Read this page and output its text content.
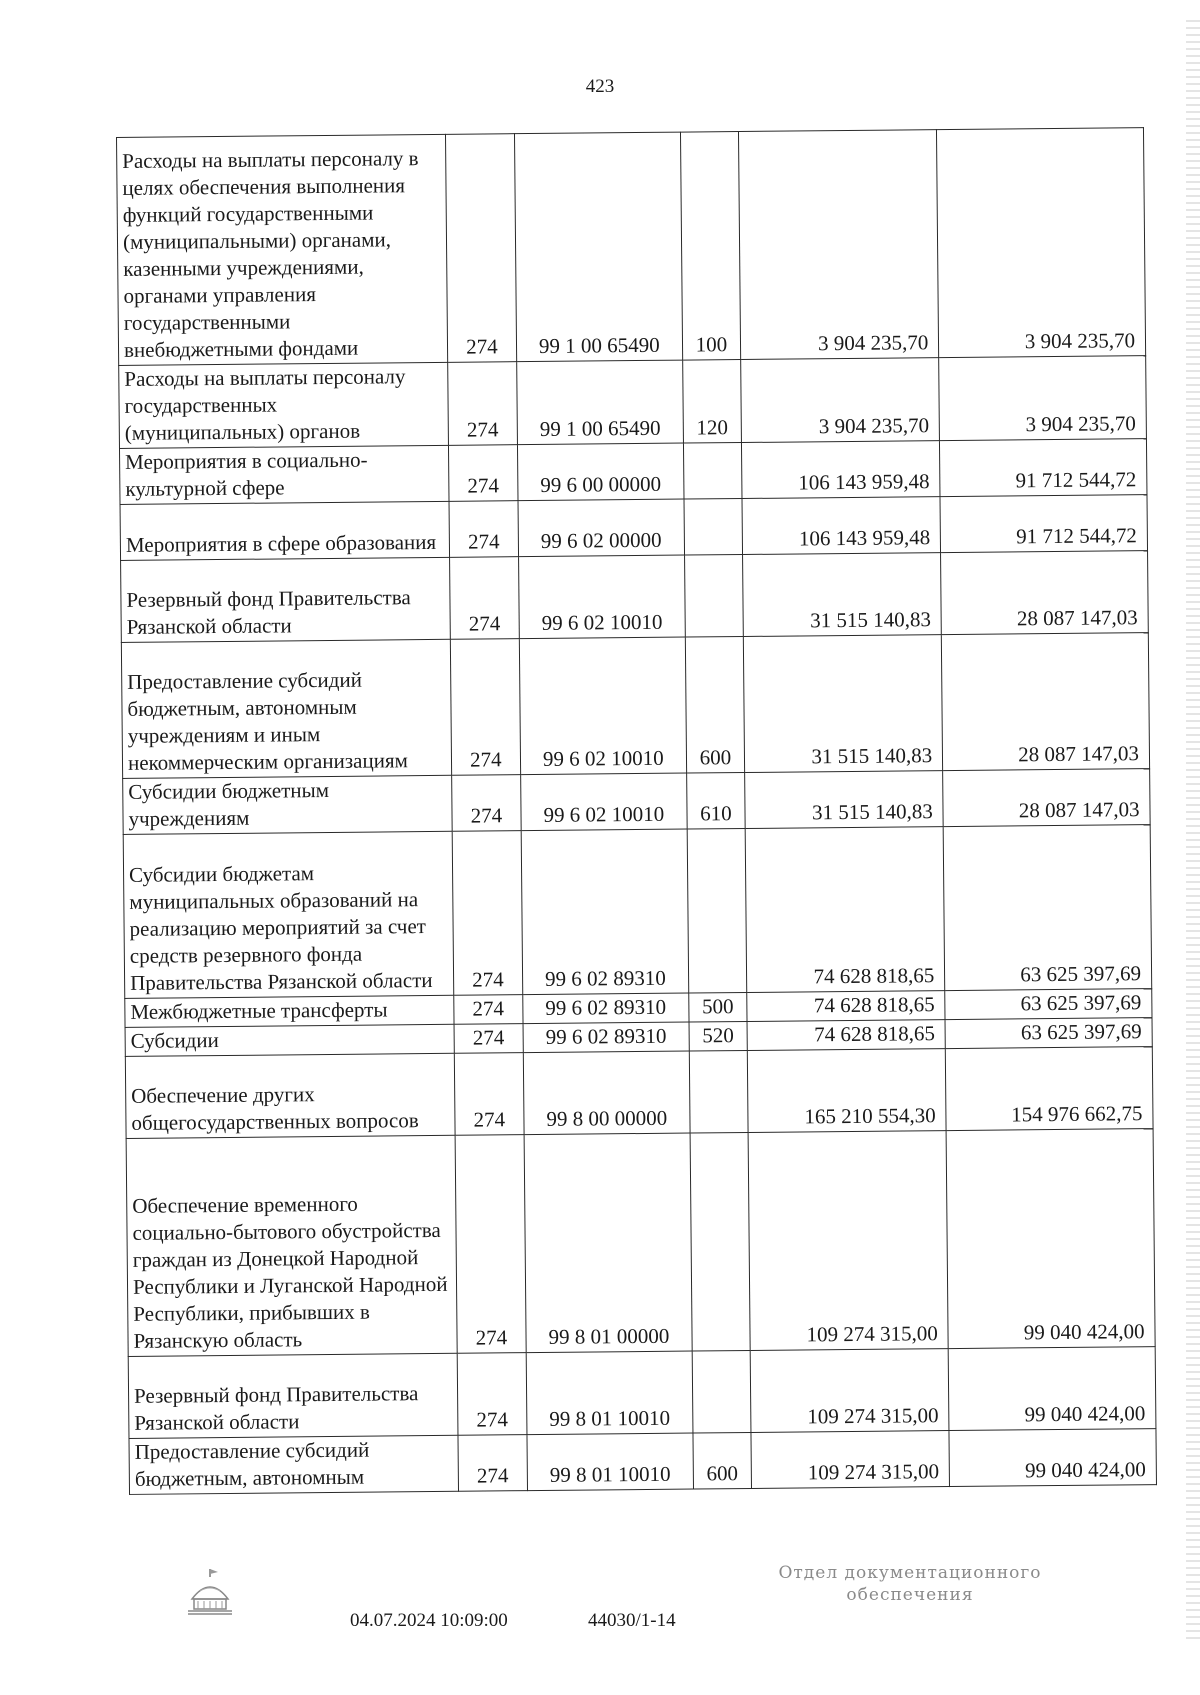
423
Расходы на выплаты персоналу в целях обеспечения выполнения функций государственными (муниципальными) органами, казенными учреждениями, органами управления государственными внебюджетными фондами	274	99 1 00 65490	100	3 904 235,70	3 904 235,70
Расходы на выплаты персоналу государственных (муниципальных) органов	274	99 1 00 65490	120	3 904 235,70	3 904 235,70
Мероприятия в социально-культурной сфере	274	99 6 00 00000		106 143 959,48	91 712 544,72
Мероприятия в сфере образования	274	99 6 02 00000		106 143 959,48	91 712 544,72
Резервный фонд Правительства Рязанской области	274	99 6 02 10010		31 515 140,83	28 087 147,03
Предоставление субсидий бюджетным, автономным учреждениям и иным некоммерческим организациям	274	99 6 02 10010	600	31 515 140,83	28 087 147,03
Субсидии бюджетным учреждениям	274	99 6 02 10010	610	31 515 140,83	28 087 147,03
Субсидии бюджетам муниципальных образований на реализацию мероприятий за счет средств резервного фонда Правительства Рязанской области	274	99 6 02 89310		74 628 818,65	63 625 397,69
Межбюджетные трансферты	274	99 6 02 89310	500	74 628 818,65	63 625 397,69
Субсидии	274	99 6 02 89310	520	74 628 818,65	63 625 397,69
Обеспечение других общегосударственных вопросов	274	99 8 00 00000		165 210 554,30	154 976 662,75
Обеспечение временного социально-бытового обустройства граждан из Донецкой Народной Республики и Луганской Народной Республики, прибывших в Рязанскую область	274	99 8 01 00000		109 274 315,00	99 040 424,00
Резервный фонд Правительства Рязанской области	274	99 8 01 10010		109 274 315,00	99 040 424,00
Предоставление субсидий бюджетным, автономным	274	99 8 01 10010	600	109 274 315,00	99 040 424,00
04.07.2024 10:09:00	44030/1-14
Отдел документационного
обеспечения
